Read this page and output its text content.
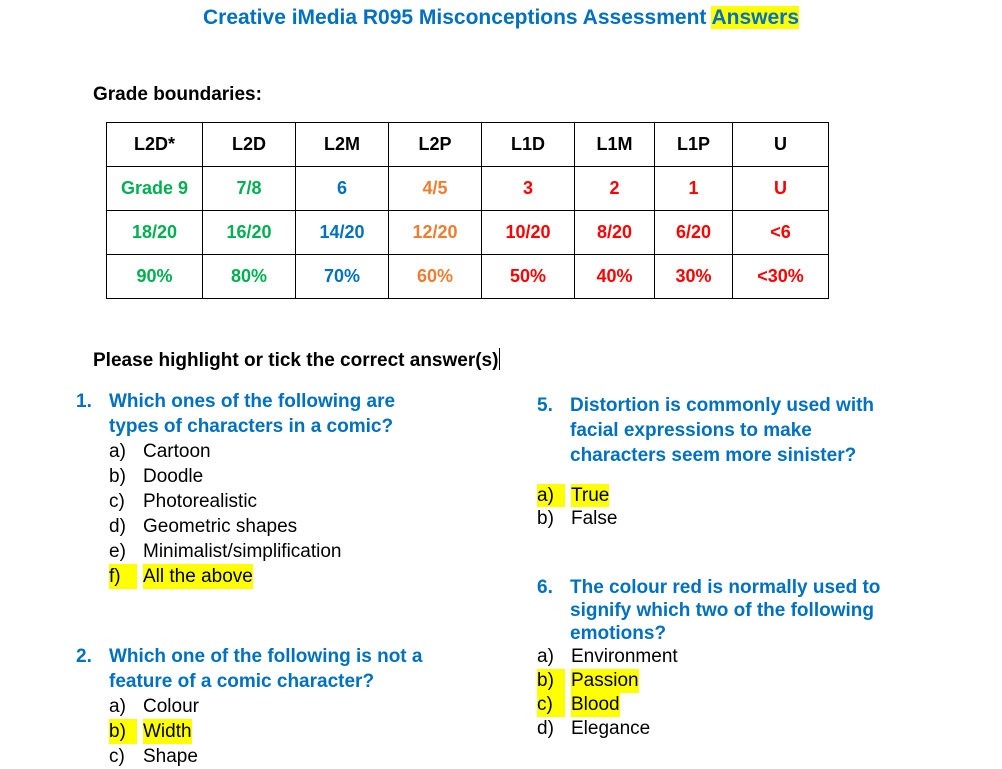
Creative iMedia R095 Misconceptions Assessment Answers
Grade boundaries:
L2D*	L2D	L2M	L2P	L1D	L1M	L1P	U
Grade 9	7/8	6	4/5	3	2	1	U
18/20	16/20	14/20	12/20	10/20	8/20	6/20	<6
90%	80%	70%	60%	50%	40%	30%	<30%
Please highlight or tick the correct answer(s)
1. Which ones of the following are
types of characters in a comic?
a) Cartoon
b) Doodle
c) Photorealistic
d) Geometric shapes
e) Minimalist/simplification
f)	All the above
2. Which one of the following is not a
feature of a comic character?
a) Colour
b) Width
c) Shape
5. Distortion is commonly used with
facial expressions to make
characters seem more sinister?
a) True
b) False
6. The colour red is normally used to
signify which two of the following
emotions?
a) Environment
b) Passion
c) Blood
d) Elegance
